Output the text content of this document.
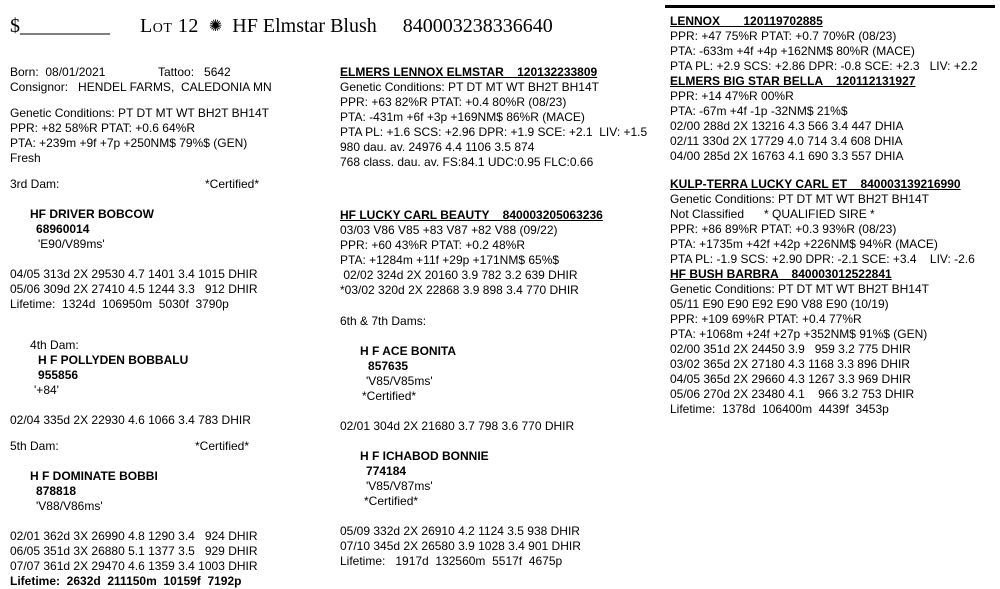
$_________ Lot 12 ✺ HF Elmstar Blush 840003238336640
Born:  08/01/2021	Tattoo:   5642
Consignor:   HENDEL FARMS,  CALEDONIA MN
Genetic Conditions: PT DT MT WT BH2T BH14T
PPR: +82 58%R PTAT: +0.6 64%R
PTA: +239m +9f +7p +250NM$ 79%$ (GEN)
Fresh
3rd Dam:	*Certified*

HF DRIVER BOBCOW
68960014
'E90/V89ms'

04/05 313d 2X 29530 4.7 1401 3.4 1015 DHIR
05/06 309d 2X 27410 4.5 1244 3.3   912 DHIR
Lifetime:  1324d  106950m  5030f  3790p

4th Dam:
H F POLLYDEN BOBBALU
955856
'+84'

02/04 335d 2X 22930 4.6 1066 3.4 783 DHIR
5th Dam:	*Certified*

H F DOMINATE BOBBI
878818
'V88/V86ms'

02/01 362d 3X 26990 4.8 1290 3.4   924 DHIR
06/05 351d 3X 26880 5.1 1377 3.5   929 DHIR
07/07 361d 2X 29470 4.6 1359 3.4 1003 DHIR
Lifetime:  2632d  211150m  10159f  7192p
ELMERS LENNOX ELMSTAR    120132233809
Genetic Conditions: PT DT MT WT BH2T BH14T
PPR: +63 82%R PTAT: +0.4 80%R (08/23)
PTA: -431m +6f +3p +169NM$ 86%R (MACE)
PTA PL: +1.6 SCS: +2.96 DPR: +1.9 SCE: +2.1  LIV: +1.5
980 dau. av. 24976 4.4 1106 3.5 874
768 class. dau. av. FS:84.1 UDC:0.95 FLC:0.66
HF LUCKY CARL BEAUTY    840003205063236
03/03 V86 V85 +83 V87 +82 V88 (09/22)
PPR: +60 43%R PTAT: +0.2 48%R
PTA: +1284m +11f +29p +171NM$ 65%$
02/02 324d 2X 20160 3.9 782 3.2 639 DHIR
*03/02 320d 2X 22868 3.9 898 3.4 770 DHIR
6th & 7th Dams:

H F ACE BONITA
857635
'V85/V85ms'
*Certified*

02/01 304d 2X 21680 3.7 798 3.6 770 DHIR

H F ICHABOD BONNIE
774184
'V85/V87ms'
*Certified*

05/09 332d 2X 26910 4.2 1124 3.5 938 DHIR
07/10 345d 2X 26580 3.9 1028 3.4 901 DHIR
Lifetime:   1917d  132560m  5517f  4675p
LENNOX       120119702885
PPR: +47 75%R PTAT: +0.7 70%R (08/23)
PTA: -633m +4f +4p +162NM$ 80%R (MACE)
PTA PL: +2.9 SCS: +2.86 DPR: -0.8 SCE: +2.3   LIV: +2.2
ELMERS BIG STAR BELLA    120112131927
PPR: +14 47%R 00%R
PTA: -67m +4f -1p -32NM$ 21%$
02/00 288d 2X 13216 4.3 566 3.4 447 DHIA
02/11 330d 2X 17729 4.0 714 3.4 608 DHIA
04/00 285d 2X 16763 4.1 690 3.3 557 DHIA
KULP-TERRA LUCKY CARL ET    840003139216990
Genetic Conditions: PT DT MT WT BH2T BH14T
Not Classified      * QUALIFIED SIRE *
PPR: +86 89%R PTAT: +0.3 93%R (08/23)
PTA: +1735m +42f +42p +226NM$ 94%R (MACE)
PTA PL: -1.9 SCS: +2.90 DPR: -2.1 SCE: +3.4    LIV: -2.6
HF BUSH BARBRA    840003012522841
Genetic Conditions: PT DT MT WT BH2T BH14T
05/11 E90 E90 E92 E90 V88 E90 (10/19)
PPR: +109 69%R PTAT: +0.4 77%R
PTA: +1068m +24f +27p +352NM$ 91%$ (GEN)
02/00 351d 2X 24450 3.9   959 3.2 775 DHIR
03/02 365d 2X 27180 4.3 1168 3.3 896 DHIR
04/05 365d 2X 29660 4.3 1267 3.3 969 DHIR
05/06 270d 2X 23480 4.1    966 3.2 753 DHIR
Lifetime:  1378d  106400m  4439f  3453p
